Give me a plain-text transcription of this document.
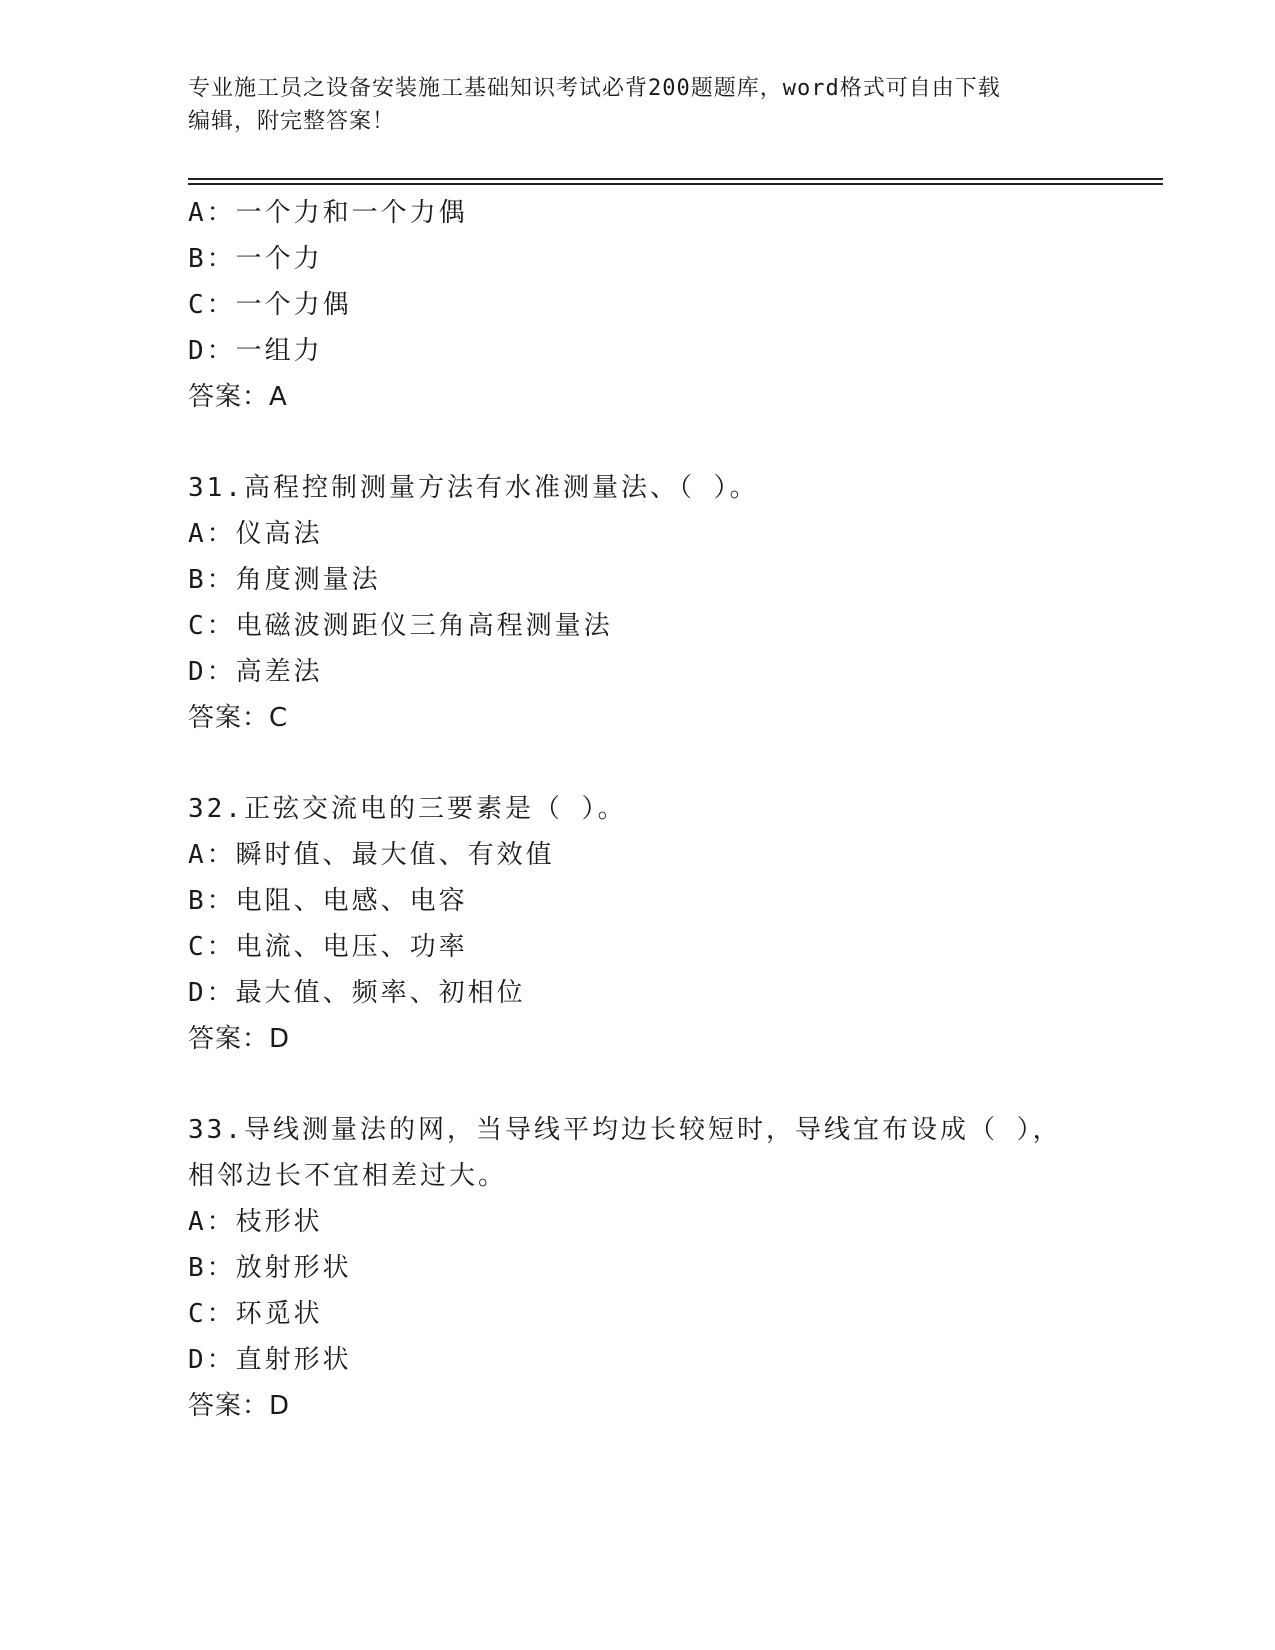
专业施工员之设备安装施工基础知识考试必背200题题库，word格式可自由下载
编辑，附完整答案！
A：一个力和一个力偶
B：一个力
C：一个力偶
D：一组力
答案：A
31.高程控制测量方法有水准测量法、（ ）。
A：仪高法
B：角度测量法
C：电磁波测距仪三角高程测量法
D：高差法
答案：C
32.正弦交流电的三要素是（ ）。
A：瞬时值、最大值、有效值
B：电阻、电感、电容
C：电流、电压、功率
D：最大值、频率、初相位
答案：D
33.导线测量法的网，当导线平均边长较短时，导线宜布设成（ ），
相邻边长不宜相差过大。
A：枝形状
B：放射形状
C：环觅状
D：直射形状
答案：D
